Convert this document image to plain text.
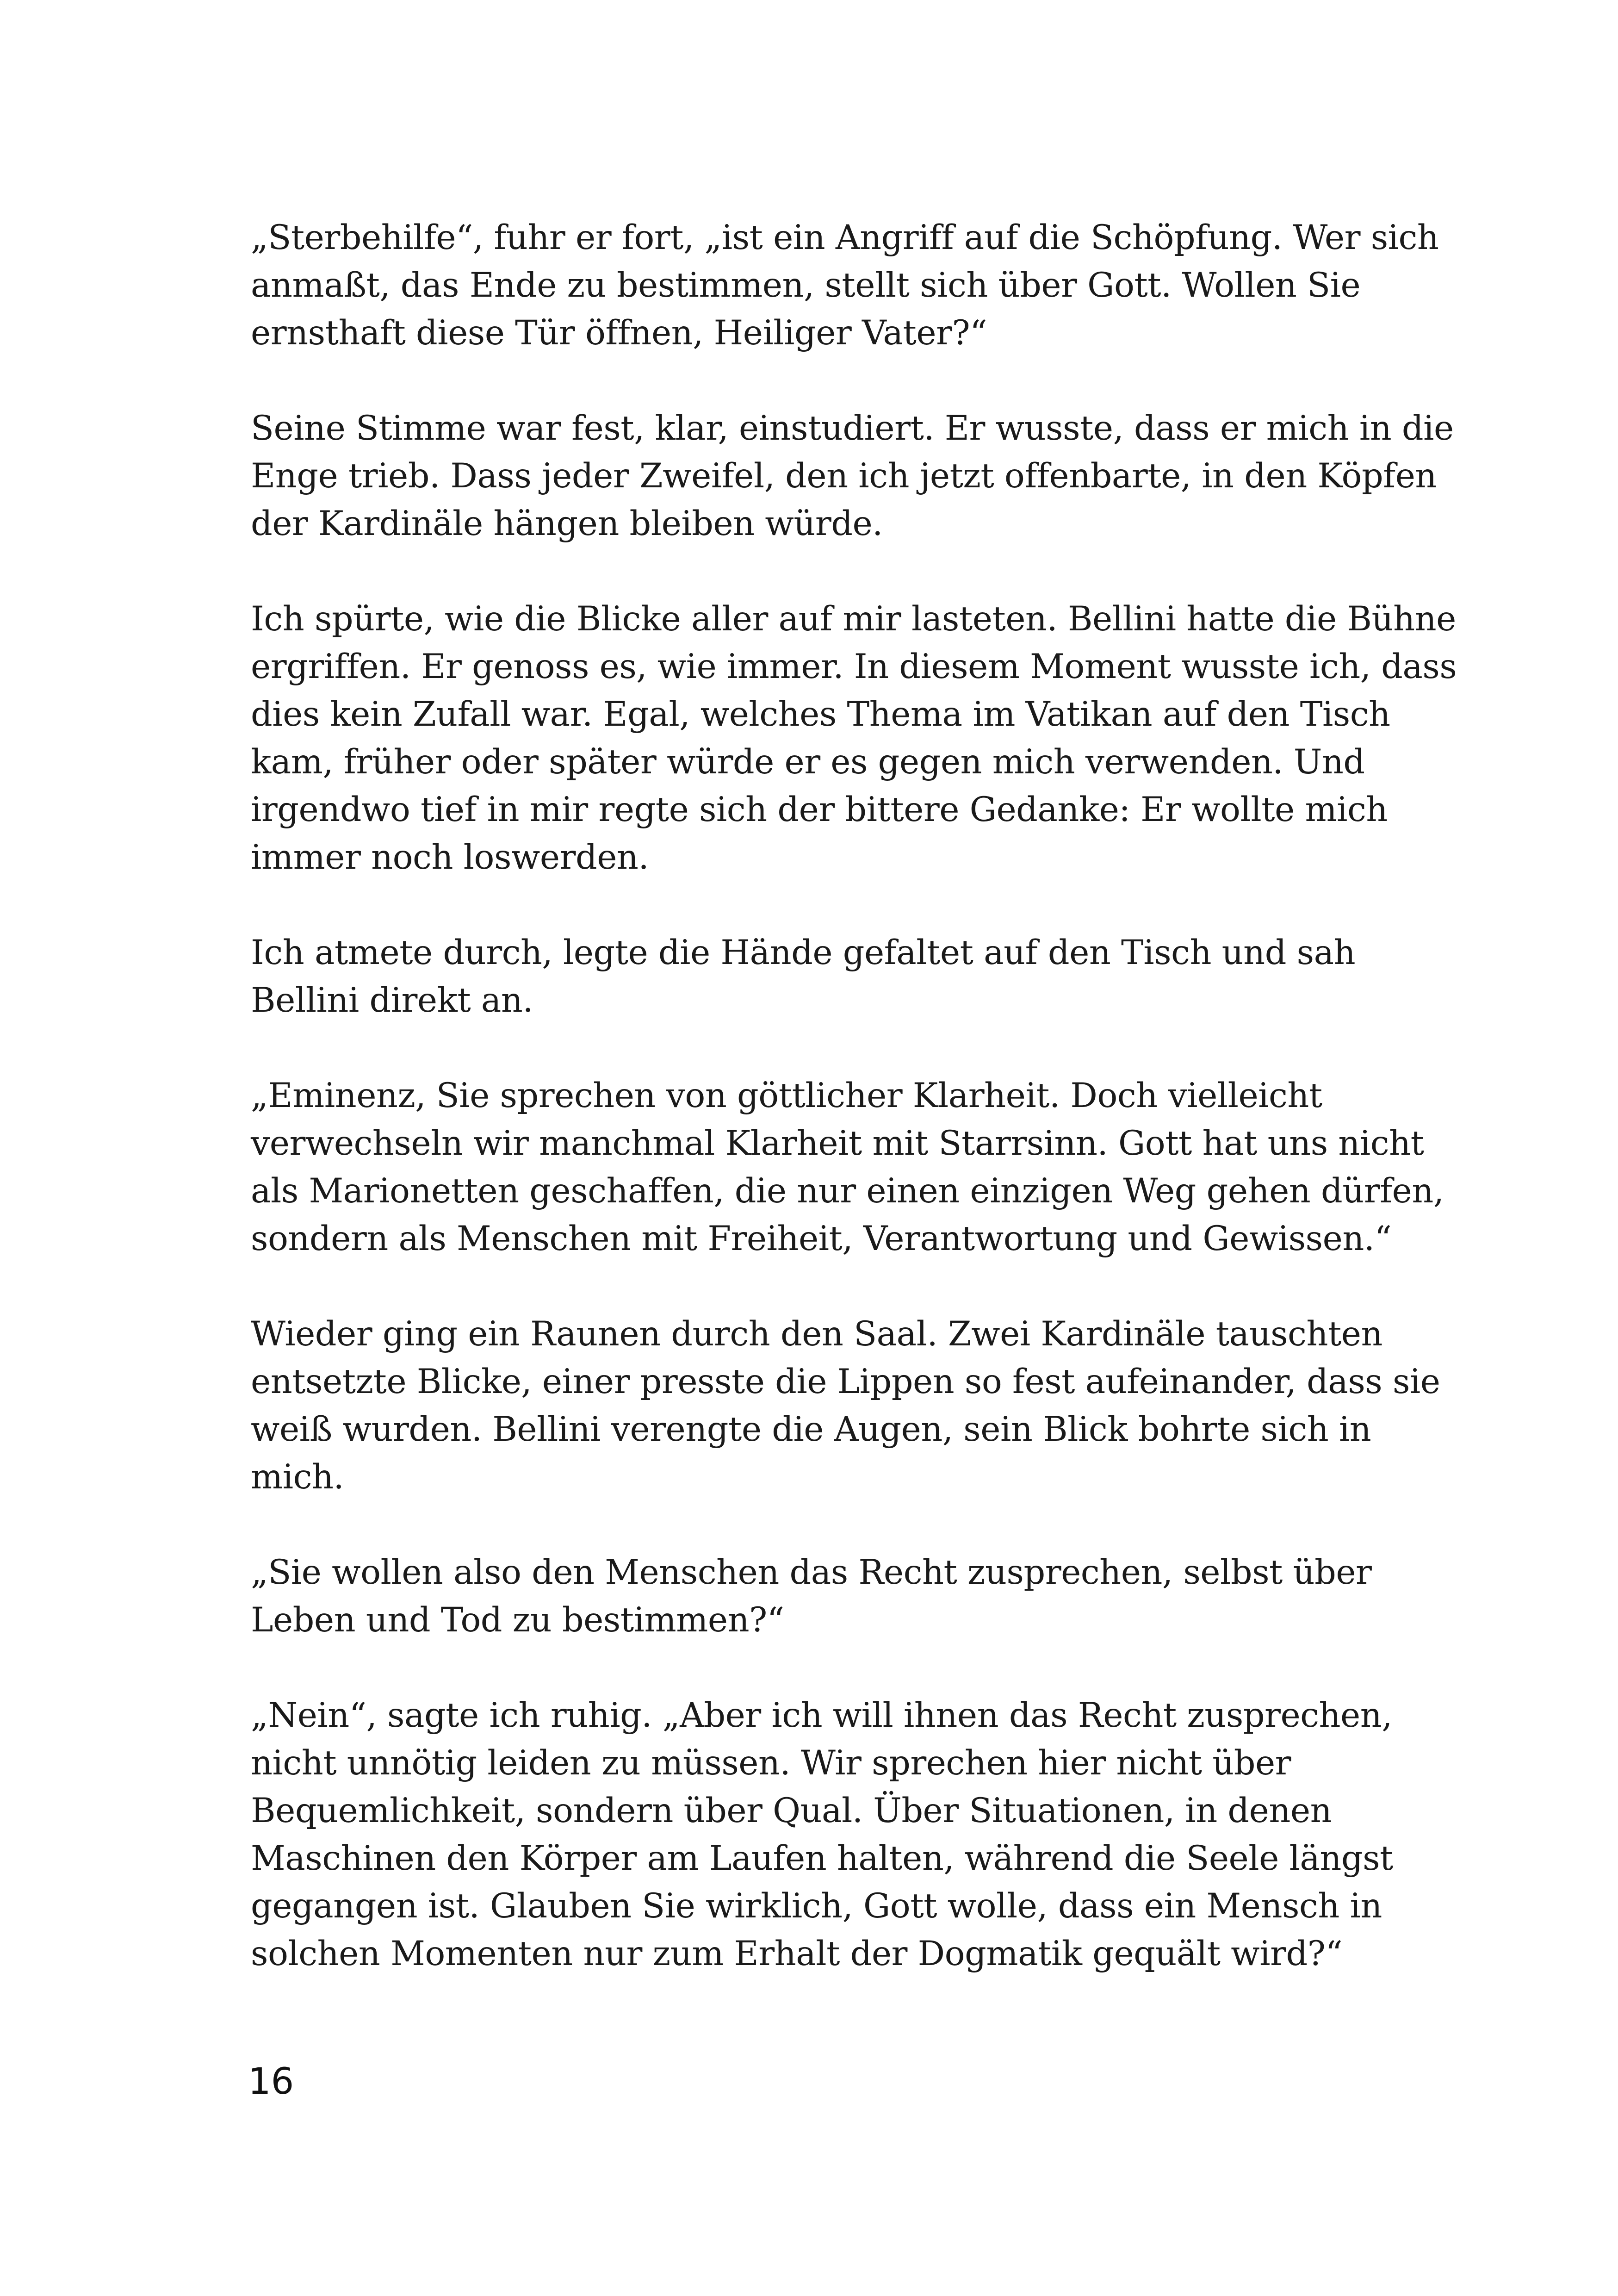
„Sterbehilfe“, fuhr er fort, „ist ein Angriff auf die Schöpfung. Wer sich
anmaßt, das Ende zu bestimmen, stellt sich über Gott. Wollen Sie
ernsthaft diese Tür öffnen, Heiliger Vater?“

Seine Stimme war fest, klar, einstudiert. Er wusste, dass er mich in die
Enge trieb. Dass jeder Zweifel, den ich jetzt offenbarte, in den Köpfen
der Kardinäle hängen bleiben würde.

Ich spürte, wie die Blicke aller auf mir lasteten. Bellini hatte die Bühne
ergriffen. Er genoss es, wie immer. In diesem Moment wusste ich, dass
dies kein Zufall war. Egal, welches Thema im Vatikan auf den Tisch
kam, früher oder später würde er es gegen mich verwenden. Und
irgendwo tief in mir regte sich der bittere Gedanke: Er wollte mich
immer noch loswerden.

Ich atmete durch, legte die Hände gefaltet auf den Tisch und sah
Bellini direkt an.

„Eminenz, Sie sprechen von göttlicher Klarheit. Doch vielleicht
verwechseln wir manchmal Klarheit mit Starrsinn. Gott hat uns nicht
als Marionetten geschaffen, die nur einen einzigen Weg gehen dürfen,
sondern als Menschen mit Freiheit, Verantwortung und Gewissen.“

Wieder ging ein Raunen durch den Saal. Zwei Kardinäle tauschten
entsetzte Blicke, einer presste die Lippen so fest aufeinander, dass sie
weiß wurden. Bellini verengte die Augen, sein Blick bohrte sich in
mich.

„Sie wollen also den Menschen das Recht zusprechen, selbst über
Leben und Tod zu bestimmen?“

„Nein“, sagte ich ruhig. „Aber ich will ihnen das Recht zusprechen,
nicht unnötig leiden zu müssen. Wir sprechen hier nicht über
Bequemlichkeit, sondern über Qual. Über Situationen, in denen
Maschinen den Körper am Laufen halten, während die Seele längst
gegangen ist. Glauben Sie wirklich, Gott wolle, dass ein Mensch in
solchen Momenten nur zum Erhalt der Dogmatik gequält wird?“

16
